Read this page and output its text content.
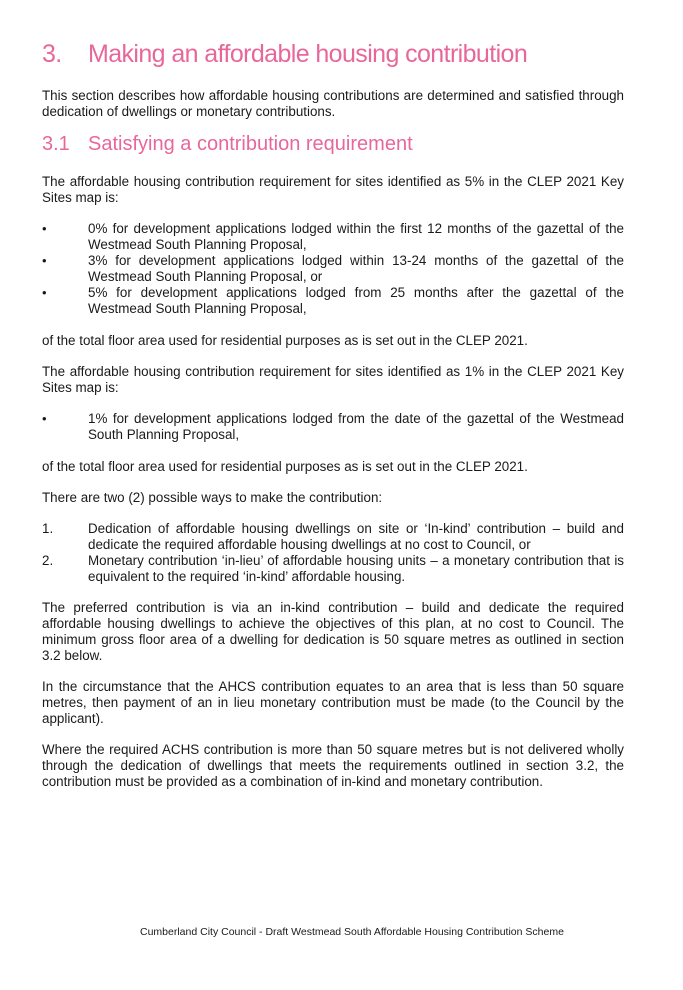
3.	Making an affordable housing contribution
This section describes how affordable housing contributions are determined and satisfied through dedication of dwellings or monetary contributions.
3.1 Satisfying a contribution requirement
The affordable housing contribution requirement for sites identified as 5% in the CLEP 2021 Key Sites map is:
•	0% for development applications lodged within the first 12 months of the gazettal of the Westmead South Planning Proposal,
•	3% for development applications lodged within 13-24 months of the gazettal of the Westmead South Planning Proposal, or
•	5% for development applications lodged from 25 months after the gazettal of the Westmead South Planning Proposal,
of the total floor area used for residential purposes as is set out in the CLEP 2021.
The affordable housing contribution requirement for sites identified as 1% in the CLEP 2021 Key Sites map is:
•	1% for development applications lodged from the date of the gazettal of the Westmead South Planning Proposal,
of the total floor area used for residential purposes as is set out in the CLEP 2021.
There are two (2) possible ways to make the contribution:
1.	Dedication of affordable housing dwellings on site or ‘In-kind’ contribution – build and dedicate the required affordable housing dwellings at no cost to Council, or
2.	Monetary contribution ‘in-lieu’ of affordable housing units – a monetary contribution that is equivalent to the required ‘in-kind’ affordable housing.
The preferred contribution is via an in-kind contribution – build and dedicate the required affordable housing dwellings to achieve the objectives of this plan, at no cost to Council. The minimum gross floor area of a dwelling for dedication is 50 square metres as outlined in section 3.2 below.
In the circumstance that the AHCS contribution equates to an area that is less than 50 square metres, then payment of an in lieu monetary contribution must be made (to the Council by the applicant).
Where the required ACHS contribution is more than 50 square metres but is not delivered wholly through the dedication of dwellings that meets the requirements outlined in section 3.2, the contribution must be provided as a combination of in-kind and monetary contribution.
Cumberland City Council - Draft Westmead South Affordable Housing Contribution Scheme
